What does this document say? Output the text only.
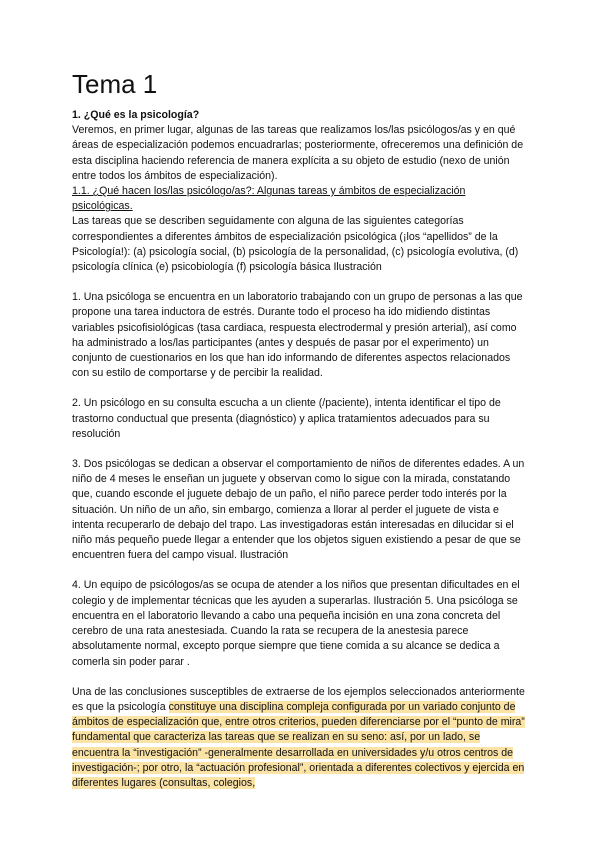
Tema 1

1. ¿Qué es la psicología?

Veremos, en primer lugar, algunas de las tareas que realizamos los/las psicólogos/as y en qué áreas de especialización podemos encuadrarlas; posteriormente, ofreceremos una definición de esta disciplina haciendo referencia de manera explícita a su objeto de estudio (nexo de unión entre todos los ámbitos de especialización).

1.1. ¿Qué hacen los/las psicólogo/as?: Algunas tareas y ámbitos de especialización psicológicas.

Las tareas que se describen seguidamente con alguna de las siguientes categorías correspondientes a diferentes ámbitos de especialización psicológica (¡los “apellidos” de la Psicología!): (a) psicología social, (b) psicología de la personalidad, (c) psicología evolutiva, (d) psicología clínica (e) psicobiología (f) psicología básica Ilustración

1. Una psicóloga se encuentra en un laboratorio trabajando con un grupo de personas a las que propone una tarea inductora de estrés. Durante todo el proceso ha ido midiendo distintas variables psicofisiológicas (tasa cardiaca, respuesta electrodermal y presión arterial), así como ha administrado a los/las participantes (antes y después de pasar por el experimento) un conjunto de cuestionarios en los que han ido informando de diferentes aspectos relacionados con su estilo de comportarse y de percibir la realidad.

2. Un psicólogo en su consulta escucha a un cliente (/paciente), intenta identificar el tipo de trastorno conductual que presenta (diagnóstico) y aplica tratamientos adecuados para su resolución

3. Dos psicólogas se dedican a observar el comportamiento de niños de diferentes edades. A un niño de 4 meses le enseñan un juguete y observan como lo sigue con la mirada, constatando que, cuando esconde el juguete debajo de un paño, el niño parece perder todo interés por la situación. Un niño de un año, sin embargo, comienza a llorar al perder el juguete de vista e intenta recuperarlo de debajo del trapo. Las investigadoras están interesadas en dilucidar si el niño más pequeño puede llegar a entender que los objetos siguen existiendo a pesar de que se encuentren fuera del campo visual. Ilustración

4. Un equipo de psicólogos/as se ocupa de atender a los niños que presentan dificultades en el colegio y de implementar técnicas que les ayuden a superarlas. Ilustración 5. Una psicóloga se encuentra en el laboratorio llevando a cabo una pequeña incisión en una zona concreta del cerebro de una rata anestesiada. Cuando la rata se recupera de la anestesia parece absolutamente normal, excepto porque siempre que tiene comida a su alcance se dedica a comerla sin poder parar .

Una de las conclusiones susceptibles de extraerse de los ejemplos seleccionados anteriormente es que la psicología constituye una disciplina compleja configurada por un variado conjunto de ámbitos de especialización que, entre otros criterios, pueden diferenciarse por el “punto de mira” fundamental que caracteriza las tareas que se realizan en su seno: así, por un lado, se encuentra la “investigación” -generalmente desarrollada en universidades y/u otros centros de investigación-; por otro, la “actuación profesional”, orientada a diferentes colectivos y ejercida en diferentes lugares (consultas, colegios,
